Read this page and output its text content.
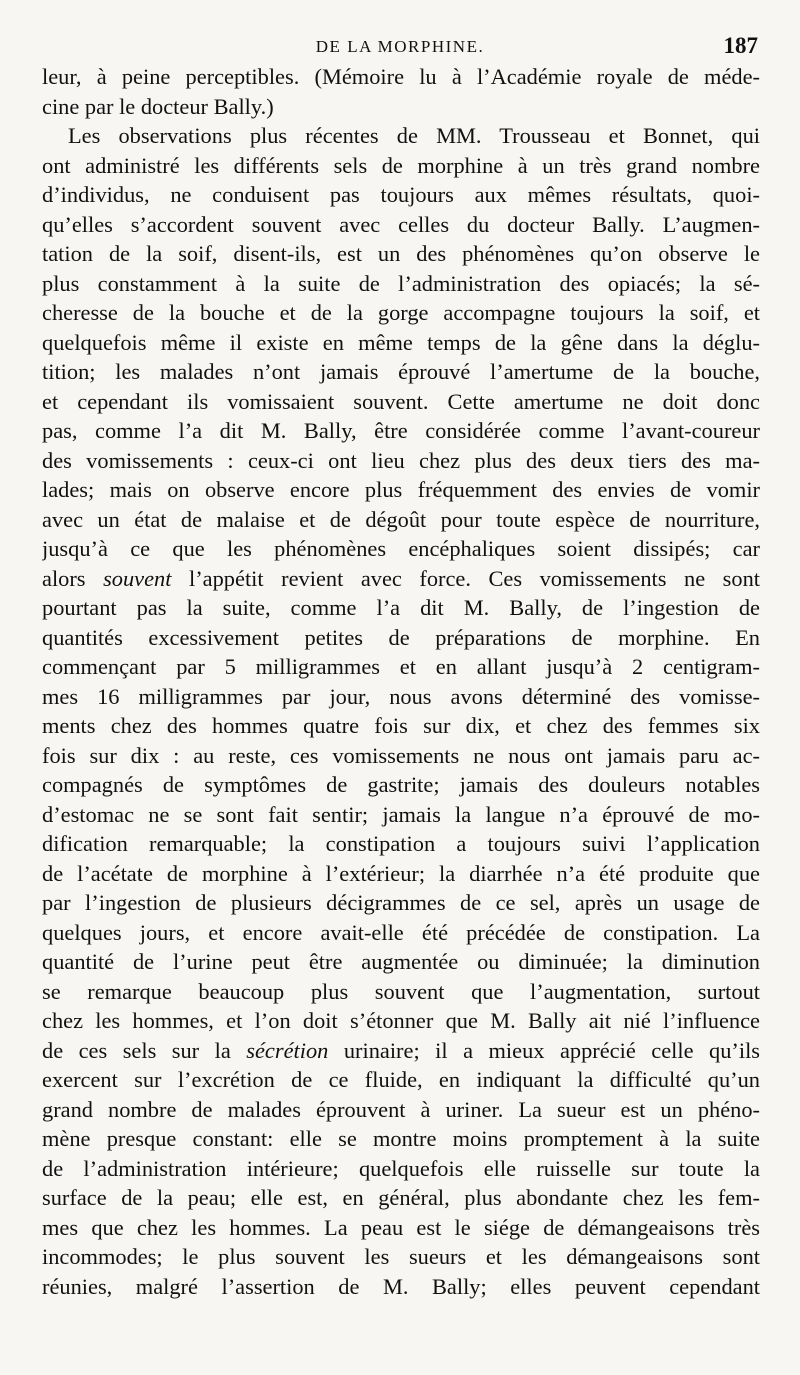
DE LA MORPHINE.	187
leur, à peine perceptibles. (Mémoire lu à l’Académie royale de méde-
cine par le docteur Bally.)
Les observations plus récentes de MM. Trousseau et Bonnet, qui
ont administré les différents sels de morphine à un très grand nombre
d’individus, ne conduisent pas toujours aux mêmes résultats, quoi-
qu’elles s’accordent souvent avec celles du docteur Bally. L’augmen-
tation de la soif, disent-ils, est un des phénomènes qu’on observe le
plus constamment à la suite de l’administration des opiacés; la sé-
cheresse de la bouche et de la gorge accompagne toujours la soif, et
quelquefois même il existe en même temps de la gêne dans la déglu-
tition; les malades n’ont jamais éprouvé l’amertume de la bouche,
et cependant ils vomissaient souvent. Cette amertume ne doit donc
pas, comme l’a dit M. Bally, être considérée comme l’avant-coureur
des vomissements : ceux-ci ont lieu chez plus des deux tiers des ma-
lades; mais on observe encore plus fréquemment des envies de vomir
avec un état de malaise et de dégoût pour toute espèce de nourriture,
jusqu’à ce que les phénomènes encéphaliques soient dissipés; car
alors souvent l’appétit revient avec force. Ces vomissements ne sont
pourtant pas la suite, comme l’a dit M. Bally, de l’ingestion de
quantités excessivement petites de préparations de morphine. En
commençant par 5 milligrammes et en allant jusqu’à 2 centigram-
mes 16 milligrammes par jour, nous avons déterminé des vomisse-
ments chez des hommes quatre fois sur dix, et chez des femmes six
fois sur dix : au reste, ces vomissements ne nous ont jamais paru ac-
compagnés de symptômes de gastrite; jamais des douleurs notables
d’estomac ne se sont fait sentir; jamais la langue n’a éprouvé de mo-
dification remarquable; la constipation a toujours suivi l’application
de l’acétate de morphine à l’extérieur; la diarrhée n’a été produite que
par l’ingestion de plusieurs décigrammes de ce sel, après un usage de
quelques jours, et encore avait-elle été précédée de constipation. La
quantité de l’urine peut être augmentée ou diminuée; la diminution
se remarque beaucoup plus souvent que l’augmentation, surtout
chez les hommes, et l’on doit s’étonner que M. Bally ait nié l’influence
de ces sels sur la sécrétion urinaire; il a mieux apprécié celle qu’ils
exercent sur l’excrétion de ce fluide, en indiquant la difficulté qu’un
grand nombre de malades éprouvent à uriner. La sueur est un phéno-
mène presque constant: elle se montre moins promptement à la suite
de l’administration intérieure; quelquefois elle ruisselle sur toute la
surface de la peau; elle est, en général, plus abondante chez les fem-
mes que chez les hommes. La peau est le siége de démangeaisons très
incommodes; le plus souvent les sueurs et les démangeaisons sont
réunies, malgré l’assertion de M. Bally; elles peuvent cependant
